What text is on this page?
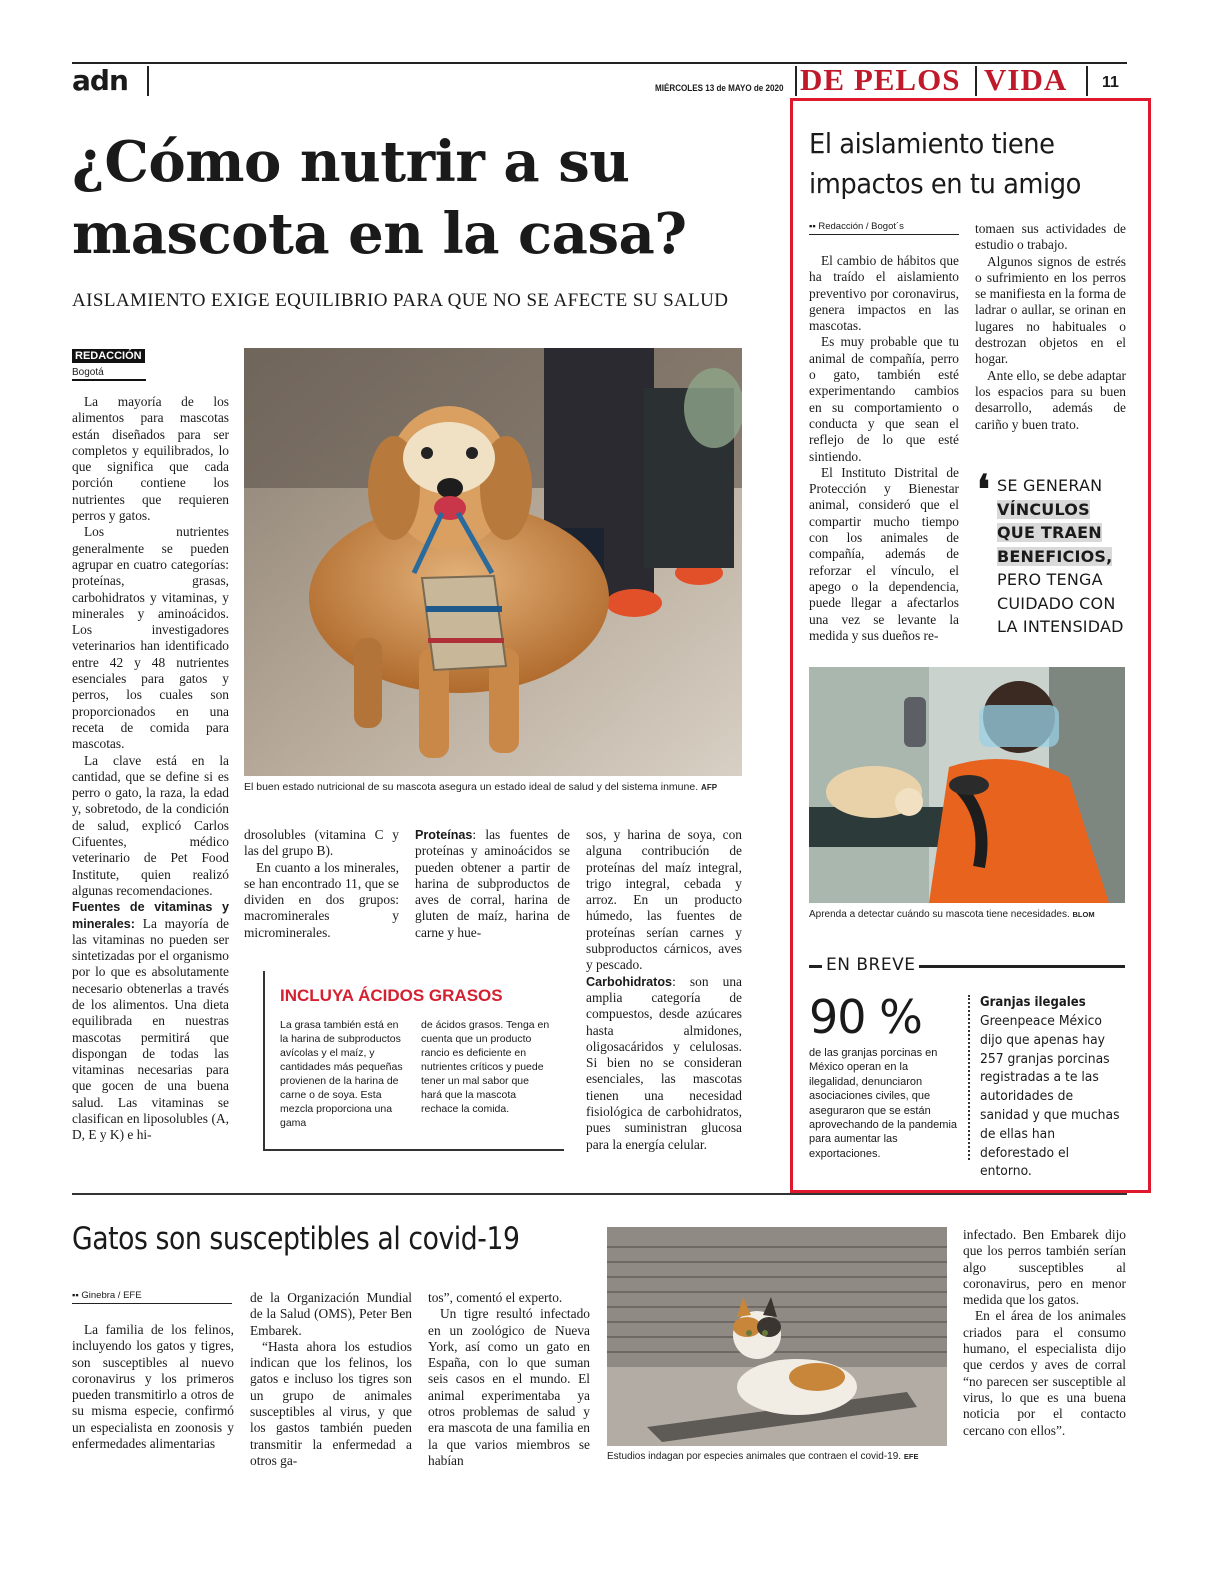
adn	MIÉRCOLES 13 de MAYO de 2020 DE PELOS VIDA 11
¿Cómo nutrir a su mascota en la casa?
AISLAMIENTO EXIGE EQUILIBRIO PARA QUE NO SE AFECTE SU SALUD
REDACCIÓN
Bogotá
El buen estado nutricional de su mascota asegura un estado ideal de salud y del sistema inmune. AFP

La mayoría de los alimentos para mascotas están diseñados para ser completos y equilibrados, lo que significa que cada porción contiene los nutrientes que requieren perros y gatos.

Los nutrientes generalmente se pueden agrupar en cuatro categorías: proteínas, grasas, carbohidratos y vitaminas, y minerales y aminoácidos. Los investigadores veterinarios han identificado entre 42 y 48 nutrientes esenciales para gatos y perros, los cuales son proporcionados en una receta de comida para mascotas.

La clave está en la cantidad, que se define si es perro o gato, la raza, la edad y, sobretodo, de la condición de salud, explicó Carlos Cifuentes, médico veterinario de Pet Food Institute, quien realizó algunas recomendaciones.

Fuentes de vitaminas y minerales: La mayoría de las vitaminas no pueden ser sintetizadas por el organismo por lo que es absolutamente necesario obtenerlas a través de los alimentos. Una dieta equilibrada en nuestras mascotas permitirá que dispongan de todas las vitaminas necesarias para que gocen de una buena salud. Las vitaminas se clasifican en liposolubles (A, D, E y K) e hi-

drosolubles (vitamina C y las del grupo B).

En cuanto a los minerales, se han encontrado 11, que se dividen en dos grupos: macrominerales y microminerales.

Proteínas: las fuentes de proteínas y aminoácidos se pueden obtener a partir de harina de subproductos de aves de corral, harina de gluten de maíz, harina de carne y hue-

sos, y harina de soya, con alguna contribución de proteínas del maíz integral, trigo integral, cebada y arroz. En un producto húmedo, las fuentes de proteínas serían carnes y subproductos cárnicos, aves y pescado.

Carbohidratos: son una amplia categoría de compuestos, desde azúcares hasta almidones, oligosacáridos y celulosas. Si bien no se consideran esenciales, las mascotas tienen una necesidad fisiológica de carbohidratos, pues suministran glucosa para la energía celular.

INCLUYA ÁCIDOS GRASOS
La grasa también está en la harina de subproductos avícolas y el maíz, y cantidades más pequeñas provienen de la harina de carne o de soya. Esta mezcla proporciona una gama
de ácidos grasos. Tenga en cuenta que un producto rancio es deficiente en nutrientes críticos y puede tener un mal sabor que hará que la mascota rechace la comida.
El aislamiento tiene impactos en tu amigo
▪▪ Redacción / Bogot´s

El cambio de hábitos que ha traído el aislamiento preventivo por coronavirus, genera impactos en las mascotas.

Es muy probable que tu animal de compañía, perro o gato, también esté experimentando cambios en su comportamiento o conducta y que sean el reflejo de lo que esté sintiendo.

El Instituto Distrital de Protección y Bienestar animal, consideró que el compartir mucho tiempo con los animales de compañía, además de reforzar el vínculo, el apego o la dependencia, puede llegar a afectarlos una vez se levante la medida y sus dueños re-

tomaen sus actividades de estudio o trabajo.

Algunos signos de estrés o sufrimiento en los perros se manifiesta en la forma de ladrar o aullar, se orinan en lugares no habituales o destrozan objetos en el hogar.

Ante ello, se debe adaptar los espacios para su buen desarrollo, además de cariño y buen trato.

❛ SE GENERAN
VÍNCULOS
QUE TRAEN
BENEFICIOS,
PERO TENGA CUIDADO CON LA INTENSIDAD
Aprenda a detectar cuándo su mascota tiene necesidades. BLOM
EN BREVE
90 %
de las granjas porcinas en México operan en la ilegalidad, denunciaron asociaciones civiles, que aseguraron que se están aprovechando de la pandemia para aumentar las exportaciones.
Granjas ilegales
Greenpeace México dijo que apenas hay 257 granjas porcinas registradas a te las autoridades de sanidad y que muchas de ellas han deforestado el entorno.
Gatos son susceptibles al covid-19
▪▪ Ginebra / EFE

La familia de los felinos, incluyendo los gatos y tigres, son susceptibles al nuevo coronavirus y los primeros pueden transmitirlo a otros de su misma especie, confirmó un especialista en zoonosis y enfermedades alimentarias

de la Organización Mundial de la Salud (OMS), Peter Ben Embarek.

“Hasta ahora los estudios indican que los felinos, los gatos e incluso los tigres son un grupo de animales susceptibles al virus, y que los gastos también pueden transmitir la enfermedad a otros ga-

tos”, comentó el experto.

Un tigre resultó infectado en un zoológico de Nueva York, así como un gato en España, con lo que suman seis casos en el mundo. El animal experimentaba ya otros problemas de salud y era mascota de una familia en la que varios miembros se habían	Estudios indagan por especies animales que contraen el covid-19. EFE

infectado. Ben Embarek dijo que los perros también serían algo susceptibles al coronavirus, pero en menor medida que los gatos.

En el área de los animales criados para el consumo humano, el especialista dijo que cerdos y aves de corral “no parecen ser susceptible al virus, lo que es una buena noticia por el contacto cercano con ellos”.
